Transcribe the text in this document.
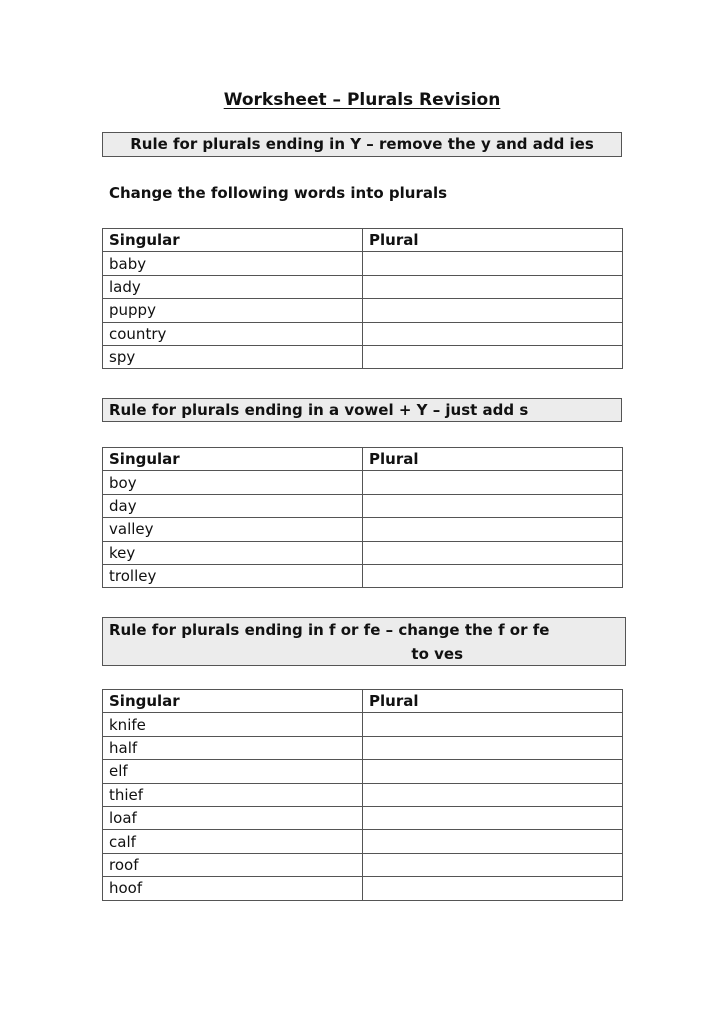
Worksheet – Plurals Revision
Rule for plurals ending in Y – remove the y and add ies
Change the following words into plurals
Singular	Plural
baby	
lady	
puppy	
country	
spy	
Rule for plurals ending in a vowel + Y – just add s
Singular	Plural
boy	
day	
valley	
key	
trolley	
Rule for plurals ending in f or fe – change the f or fe
to ves
Singular	Plural
knife	
half	
elf	
thief	
loaf	
calf	
roof	
hoof	
